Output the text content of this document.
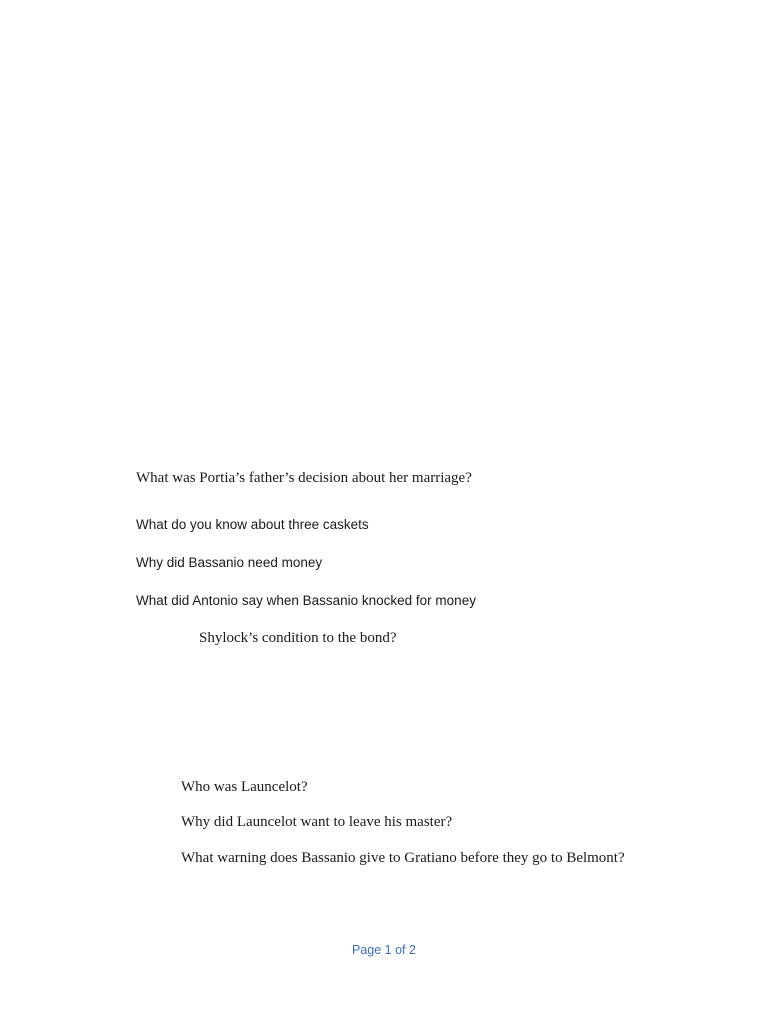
What was Portia’s father’s decision about her marriage?
What do you know about three caskets
Why did Bassanio need money
What did Antonio say when Bassanio knocked for money
Shylock’s condition to the bond?
Who was Launcelot?
Why did Launcelot want to leave his master?
What warning does Bassanio give to Gratiano before they go to Belmont?
Page 1 of 2
